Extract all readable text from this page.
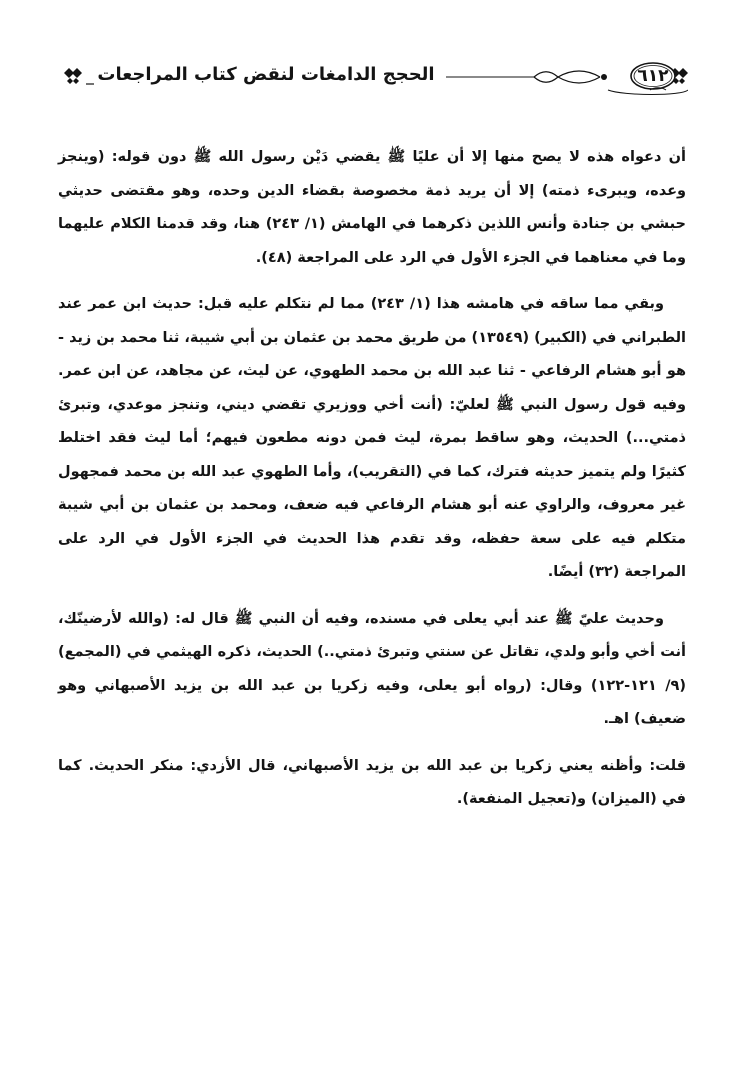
٦١٢
الحجج الدامغات لنقض كتاب المراجعات

أن دعواه هذه لا يصح منها إلا أن عليًا ﷺ يقضي دَيْن رسول الله ﷺ دون قوله: (وينجز وعده، ويبرىء ذمته) إلا أن يريد ذمة مخصوصة بقضاء الدين وحده، وهو مقتضى حديثي حبشي بن جنادة وأنس اللذين ذكرهما في الهامش (١/ ٢٤٣) هنا، وقد قدمنا الكلام عليهما وما في معناهما في الجزء الأول في الرد على المراجعة (٤٨).

وبقي مما ساقه في هامشه هذا (١/ ٢٤٣) مما لم نتكلم عليه قبل: حديث ابن عمر عند الطبراني في (الكبير) (١٣٥٤٩) من طريق محمد بن عثمان بن أبي شيبة، ثنا محمد بن زيد - هو أبو هشام الرفاعي - ثنا عبد الله بن محمد الطهوي، عن ليث، عن مجاهد، عن ابن عمر. وفيه قول رسول النبي ﷺ لعليّ: (أنت أخي ووزيري تقضي ديني، وتنجز موعدي، وتبرئ ذمتي...) الحديث، وهو ساقط بمرة، ليث فمن دونه مطعون فيهم؛ أما ليث فقد اختلط كثيرًا ولم يتميز حديثه فترك، كما في (التقريب)، وأما الطهوي عبد الله بن محمد فمجهول غير معروف، والراوي عنه أبو هشام الرفاعي فيه ضعف، ومحمد بن عثمان بن أبي شيبة متكلم فيه على سعة حفظه، وقد تقدم هذا الحديث في الجزء الأول في الرد على المراجعة (٣٢) أيضًا.

وحديث عليّ ﷺ عند أبي يعلى في مسنده، وفيه أن النبي ﷺ قال له: (والله لأرضينّك، أنت أخي وأبو ولدي، تقاتل عن سنتي وتبرئ ذمتي..) الحديث، ذكره الهيثمي في (المجمع) (٩/ ١٢١-١٢٢) وقال: (رواه أبو يعلى، وفيه زكريا بن عبد الله بن يزيد الأصبهاني وهو ضعيف) اهـ.

قلت: وأظنه يعني زكريا بن عبد الله بن يزيد الأصبهاني، قال الأزدي: منكر الحديث. كما في (الميزان) و(تعجيل المنفعة).
